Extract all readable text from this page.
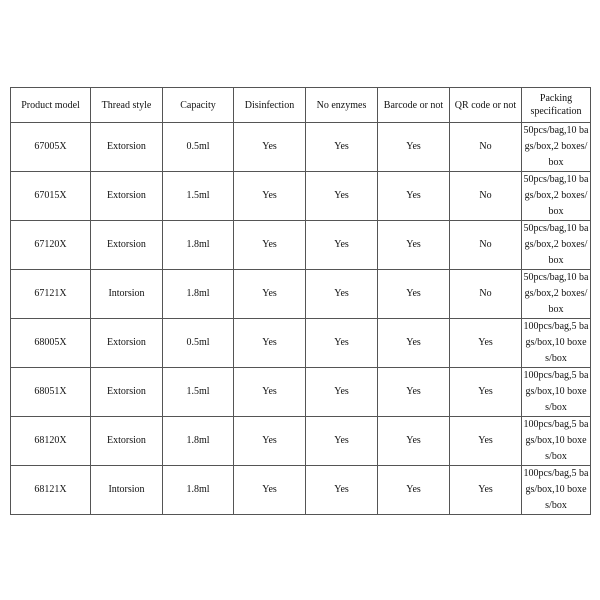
Product model	Thread style	Capacity	Disinfection	No enzymes	Barcode or not	QR code or not	Packing specification
67005X	Extorsion	0.5ml	Yes	Yes	Yes	No	50pcs/bag,10 bags/box,2 boxes/box
67015X	Extorsion	1.5ml	Yes	Yes	Yes	No	50pcs/bag,10 bags/box,2 boxes/box
67120X	Extorsion	1.8ml	Yes	Yes	Yes	No	50pcs/bag,10 bags/box,2 boxes/box
67121X	Intorsion	1.8ml	Yes	Yes	Yes	No	50pcs/bag,10 bags/box,2 boxes/box
68005X	Extorsion	0.5ml	Yes	Yes	Yes	Yes	100pcs/bag,5 bags/box,10 boxes/box
68051X	Extorsion	1.5ml	Yes	Yes	Yes	Yes	100pcs/bag,5 bags/box,10 boxes/box
68120X	Extorsion	1.8ml	Yes	Yes	Yes	Yes	100pcs/bag,5 bags/box,10 boxes/box
68121X	Intorsion	1.8ml	Yes	Yes	Yes	Yes	100pcs/bag,5 bags/box,10 boxes/box
